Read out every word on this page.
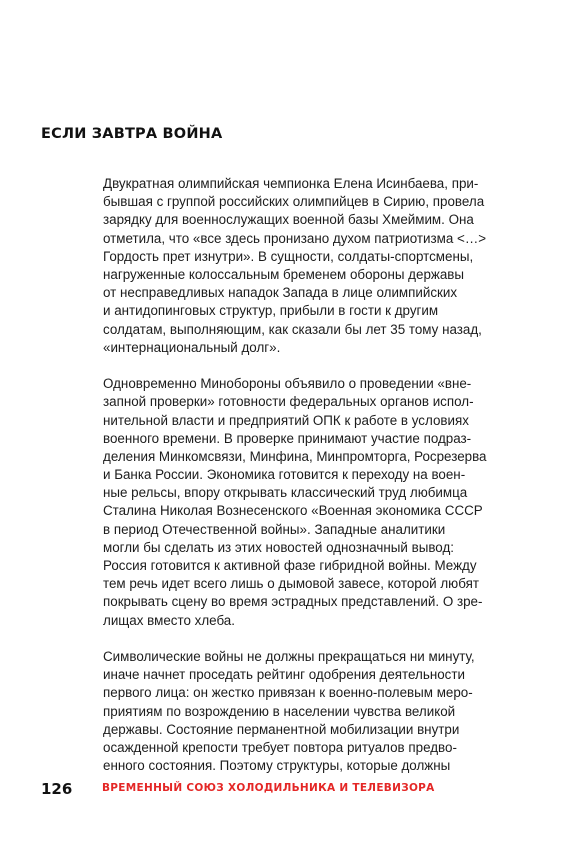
ЕСЛИ ЗАВТРА ВОЙНА
Двукратная олимпийская чемпионка Елена Исинбаева, при-
бывшая с группой российских олимпийцев в Сирию, провела
зарядку для военнослужащих военной базы Хмеймим. Она
отметила, что «все здесь пронизано духом патриотизма <…>
Гордость прет изнутри». В сущности, солдаты-спортсмены,
нагруженные колоссальным бременем обороны державы
от несправедливых нападок Запада в лице олимпийских
и антидопинговых структур, прибыли в гости к другим
солдатам, выполняющим, как сказали бы лет 35 тому назад,
«интернациональный долг».
Одновременно Минобороны объявило о проведении «вне-
запной проверки» готовности федеральных органов испол-
нительной власти и предприятий ОПК к работе в условиях
военного времени. В проверке принимают участие подраз-
деления Минкомсвязи, Минфина, Минпромторга, Росрезерва
и Банка России. Экономика готовится к переходу на воен-
ные рельсы, впору открывать классический труд любимца
Сталина Николая Вознесенского «Военная экономика СССР
в период Отечественной войны». Западные аналитики
могли бы сделать из этих новостей однозначный вывод:
Россия готовится к активной фазе гибридной войны. Между
тем речь идет всего лишь о дымовой завесе, которой любят
покрывать сцену во время эстрадных представлений. О зре-
лищах вместо хлеба.
Символические войны не должны прекращаться ни минуту,
иначе начнет проседать рейтинг одобрения деятельности
первого лица: он жестко привязан к военно-полевым меро-
приятиям по возрождению в населении чувства великой
державы. Состояние перманентной мобилизации внутри
осажденной крепости требует повтора ритуалов предво-
енного состояния. Поэтому структуры, которые должны
126	ВРЕМЕННЫЙ СОЮЗ ХОЛОДИЛЬНИКА И ТЕЛЕВИЗОРА
